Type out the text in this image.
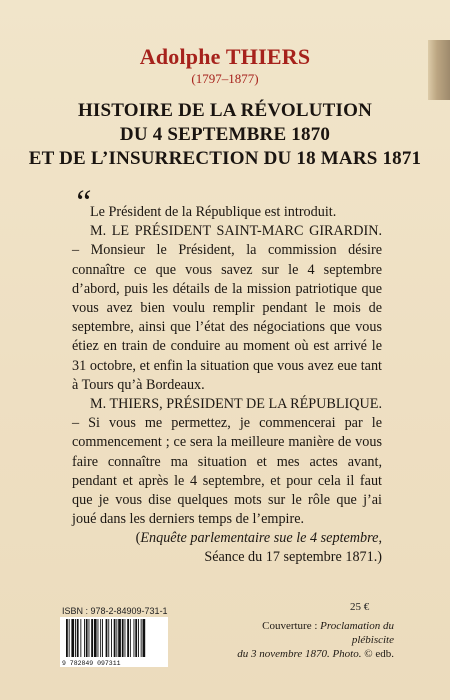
Adolphe THIERS
(1797–1877)
HISTOIRE DE LA RÉVOLUTION
DU 4 SEPTEMBRE 1870
ET DE L’INSURRECTION DU 18 MARS 1871
“

Le Président de la République est introduit.

M. LE PRÉSIDENT SAINT-MARC GIRARDIN. – Monsieur le Président, la commission désire connaître ce que vous savez sur le 4 septembre d’abord, puis les détails de la mission patriotique que vous avez bien voulu remplir pendant le mois de septembre, ainsi que l’état des négociations que vous étiez en train de conduire au moment où est arrivé le 31 octobre, et enfin la situation que vous avez eue tant à Tours qu’à Bordeaux.

M. THIERS, PRÉSIDENT DE LA RÉPUBLIQUE. – Si vous me permettez, je commencerai par le commencement ; ce sera la meilleure manière de vous faire connaître ma situation et mes actes avant, pendant et après le 4 septembre, et pour cela il faut que je vous dise quelques mots sur le rôle que j’ai joué dans les derniers temps de l’empire.

(Enquête parlementaire sue le 4 septembre,
Séance du 17 septembre 1871.)
ISBN : 978-2-84909-731-1	25 €
9 782849 097311
Couverture : Proclamation du plébiscite
du 3 novembre 1870. Photo. © edb.
